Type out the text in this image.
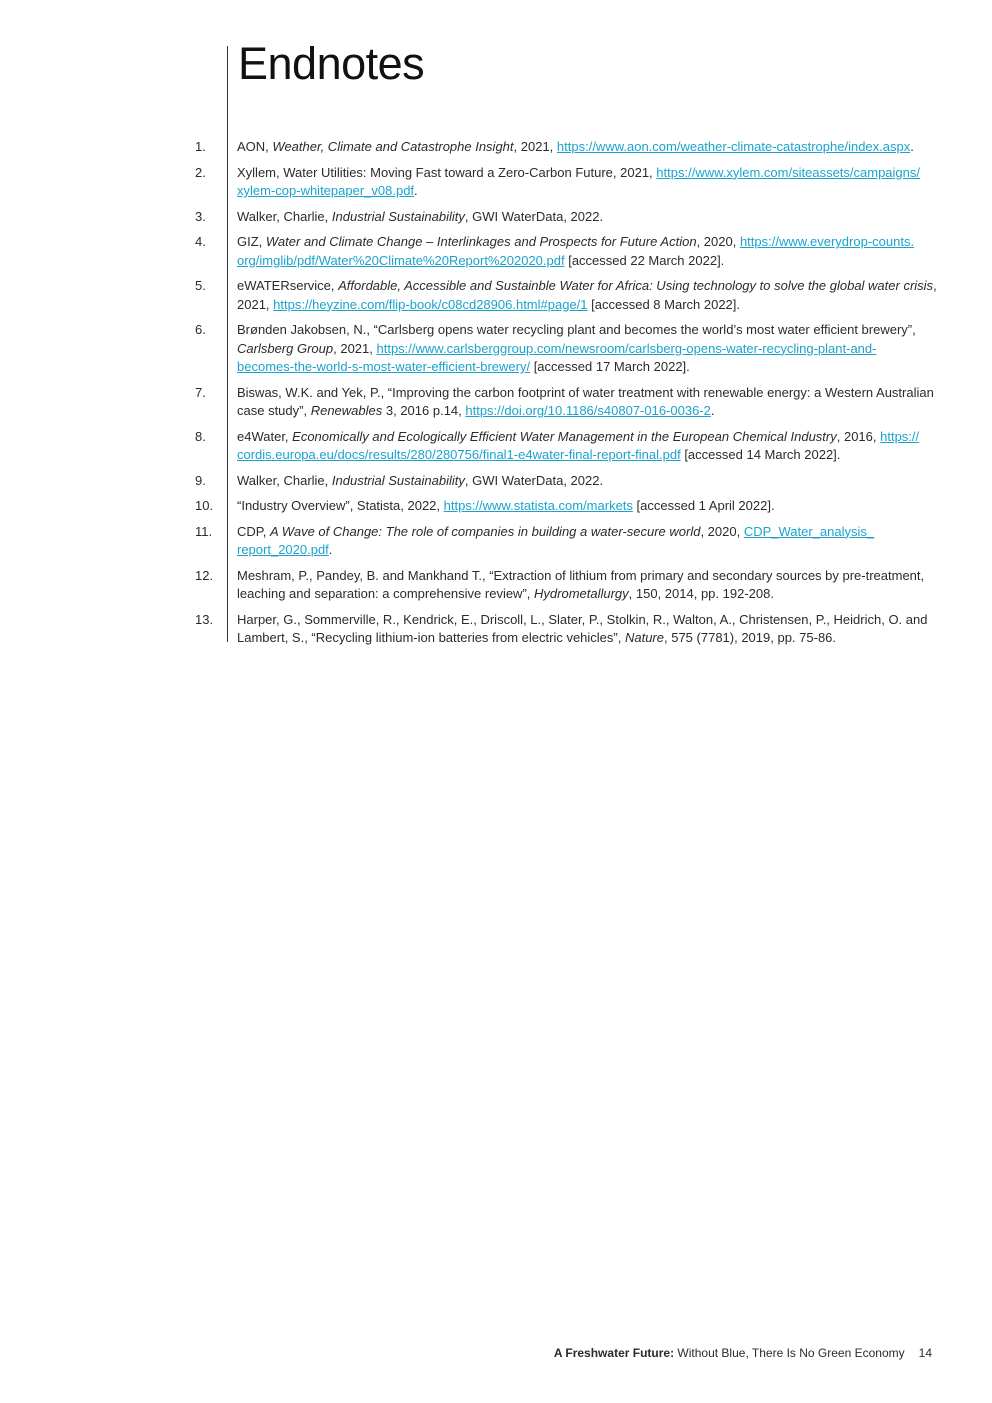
Endnotes
1.	AON, Weather, Climate and Catastrophe Insight, 2021, https://www.aon.com/weather-climate-catastrophe/index.aspx.
2.	Xyllem, Water Utilities: Moving Fast toward a Zero-Carbon Future, 2021, https://www.xylem.com/siteassets/campaigns/
xylem-cop-whitepaper_v08.pdf.
3.	Walker, Charlie, Industrial Sustainability, GWI WaterData, 2022.
4.	GIZ, Water and Climate Change – Interlinkages and Prospects for Future Action, 2020, https://www.everydrop-counts.
org/imglib/pdf/Water%20Climate%20Report%202020.pdf [accessed 22 March 2022].
5.	eWATERservice, Affordable, Accessible and Sustainble Water for Africa: Using technology to solve the global water crisis,
2021, https://heyzine.com/flip-book/c08cd28906.html#page/1 [accessed 8 March 2022].
6.	Brønden Jakobsen, N., “Carlsberg opens water recycling plant and becomes the world’s most water efficient brewery”,
Carlsberg Group, 2021, https://www.carlsberggroup.com/newsroom/carlsberg-opens-water-recycling-plant-and-
becomes-the-world-s-most-water-efficient-brewery/ [accessed 17 March 2022].
7.	Biswas, W.K. and Yek, P., “Improving the carbon footprint of water treatment with renewable energy: a Western Australian
case study”, Renewables 3, 2016 p.14, https://doi.org/10.1186/s40807-016-0036-2.
8.	e4Water, Economically and Ecologically Efficient Water Management in the European Chemical Industry, 2016, https://
cordis.europa.eu/docs/results/280/280756/final1-e4water-final-report-final.pdf [accessed 14 March 2022].
9.	Walker, Charlie, Industrial Sustainability, GWI WaterData, 2022.
10.	“Industry Overview”, Statista, 2022, https://www.statista.com/markets [accessed 1 April 2022].
11.	CDP, A Wave of Change: The role of companies in building a water-secure world, 2020, CDP_Water_analysis_
report_2020.pdf.
12.	Meshram, P., Pandey, B. and Mankhand T., “Extraction of lithium from primary and secondary sources by pre-treatment,
leaching and separation: a comprehensive review”, Hydrometallurgy, 150, 2014, pp. 192-208.
13.	Harper, G., Sommerville, R., Kendrick, E., Driscoll, L., Slater, P., Stolkin, R., Walton, A., Christensen, P., Heidrich, O. and
Lambert, S., “Recycling lithium-ion batteries from electric vehicles”, Nature, 575 (7781), 2019, pp. 75-86.
A Freshwater Future: Without Blue, There Is No Green Economy 14
